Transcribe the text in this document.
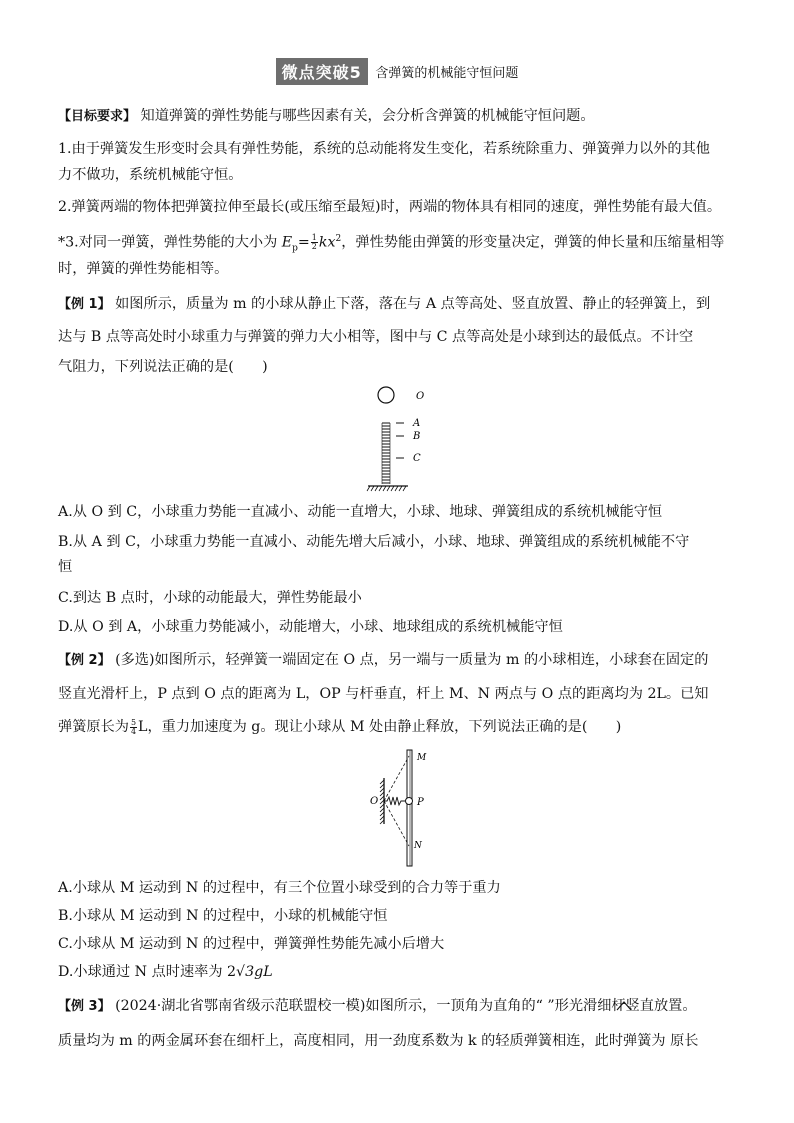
微点突破5 含弹簧的机械能守恒问题
【目标要求】 知道弹簧的弹性势能与哪些因素有关，会分析含弹簧的机械能守恒问题。
1.由于弹簧发生形变时会具有弹性势能，系统的总动能将发生变化，若系统除重力、弹簧弹力以外的其他
力不做功，系统机械能守恒。
2.弹簧两端的物体把弹簧拉伸至最长(或压缩至最短)时，两端的物体具有相同的速度，弹性势能有最大值。
*3.对同一弹簧，弹性势能的大小为 $E_p= \frac{1}{2} kx^2$，弹性势能由弹簧的形变量决定，弹簧的伸长量和压缩量相等
时，弹簧的弹性势能相等。
【例 1】 如图所示，质量为 m 的小球从静止下落，落在与 A 点等高处、竖直放置、静止的轻弹簧上，到
达与 B 点等高处时小球重力与弹簧的弹力大小相等，图中与 C 点等高处是小球到达的最低点。不计空
气阻力，下列说法正确的是(　　)
O
A
B
C
A.从 O 到 C，小球重力势能一直减小、动能一直增大，小球、地球、弹簧组成的系统机械能守恒
B.从 A 到 C，小球重力势能一直减小、动能先增大后减小，小球、地球、弹簧组成的系统机械能不守
恒
C.到达 B 点时，小球的动能最大，弹性势能最小
D.从 O 到 A，小球重力势能减小，动能增大，小球、地球组成的系统机械能守恒
【例 2】 (多选)如图所示，轻弹簧一端固定在 O 点，另一端与一质量为 m 的小球相连，小球套在固定的
竖直光滑杆上，P 点到 O 点的距离为 L，OP 与杆垂直，杆上 M、N 两点与 O 点的距离均为 2L。已知
弹簧原长为 $\frac{5}{4}$ L，重力加速度为 g。现让小球从 M 处由静止释放，下列说法正确的是(　　)
M
O	P
N
A.小球从 M 运动到 N 的过程中，有三个位置小球受到的合力等于重力
B.小球从 M 运动到 N 的过程中，小球的机械能守恒
C.小球从 M 运动到 N 的过程中，弹簧弹性势能先减小后增大
D.小球通过 N 点时速率为 2√3gL
【例 3】 (2024·湖北省鄂南省级示范联盟校一模)如图所示，一顶角为直角的“ ”形光滑细杆竖直放置。
质量均为 m 的两金属环套在细杆上，高度相同，用一劲度系数为 k 的轻质弹簧相连，此时弹簧为 原长
